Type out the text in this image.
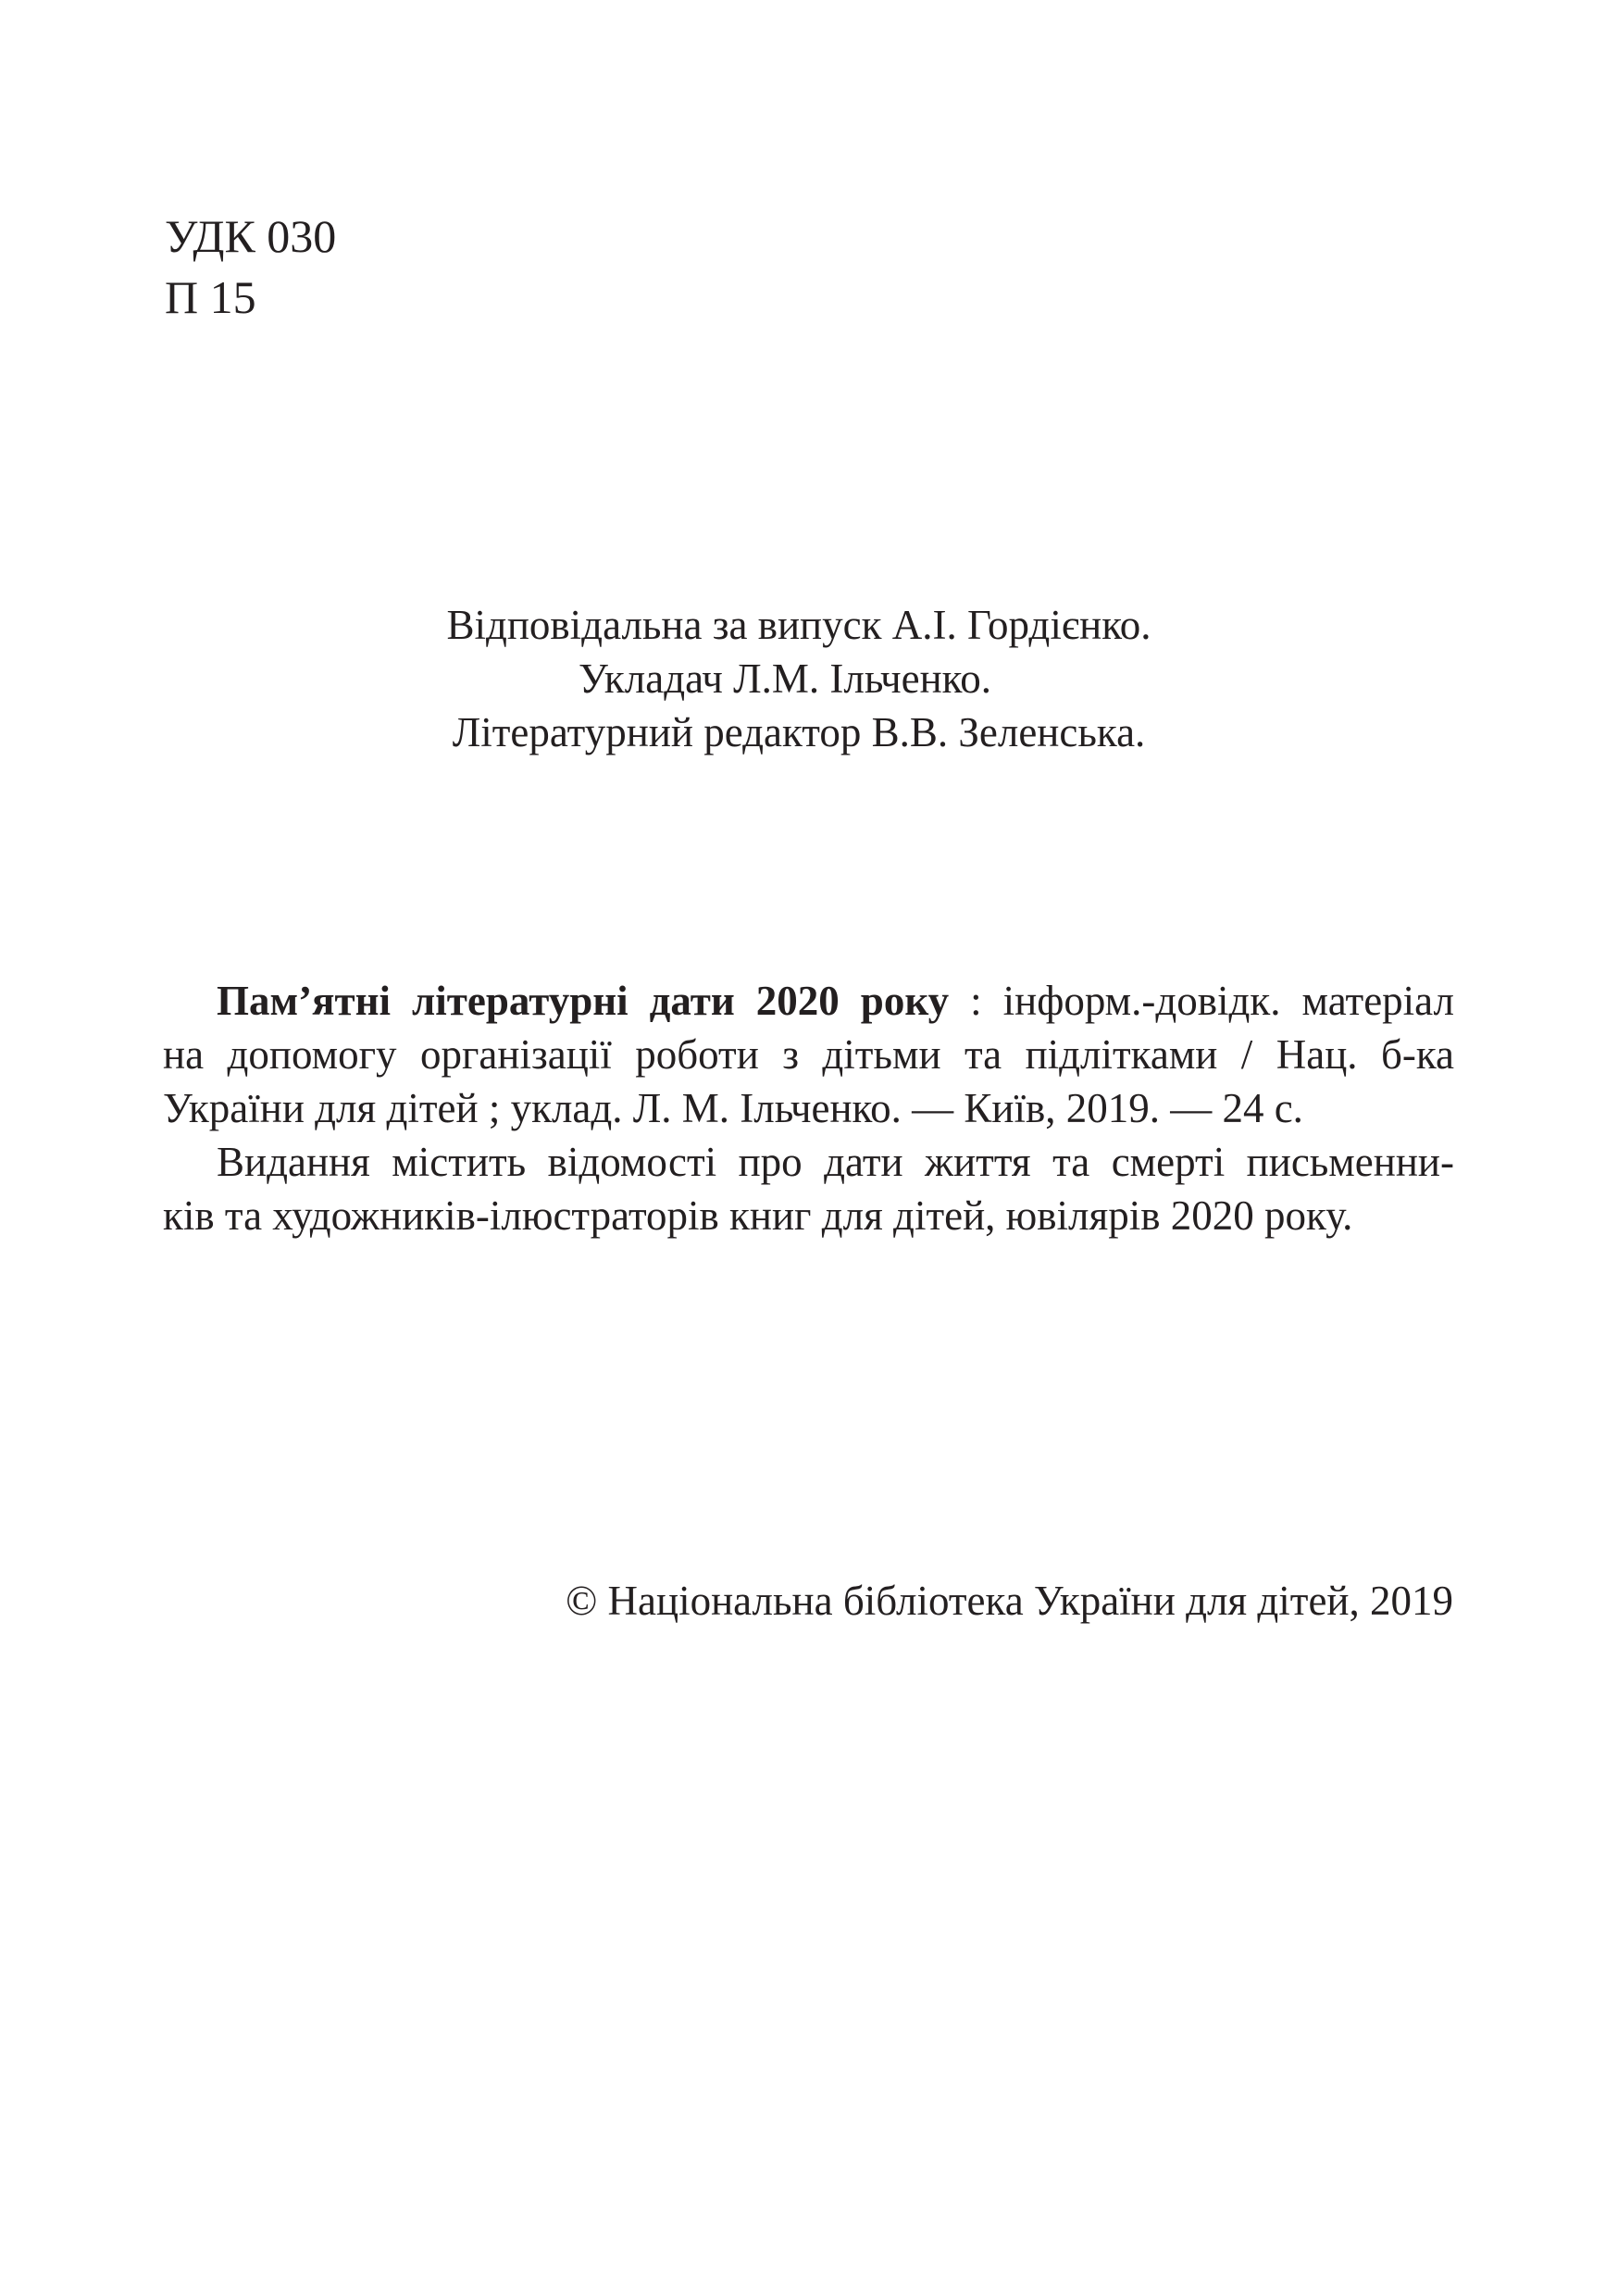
УДК 030
П 15
Відповідальна за випуск А.І. Гордієнко.
Укладач Л.М. Ільченко.
Літературний редактор В.В. Зеленська.
Пам’ятні літературні дати 2020 року : інформ.-довідк. матеріал
на допомогу організації роботи з дітьми та підлітками / Нац. б-ка
України для дітей ; уклад. Л. М. Ільченко. — Київ, 2019. — 24 с.
Видання містить відомості про дати життя та смерті письменни-
ків та художників-ілюстраторів книг для дітей, ювілярів 2020 року.
© Національна бібліотека України для дітей, 2019
